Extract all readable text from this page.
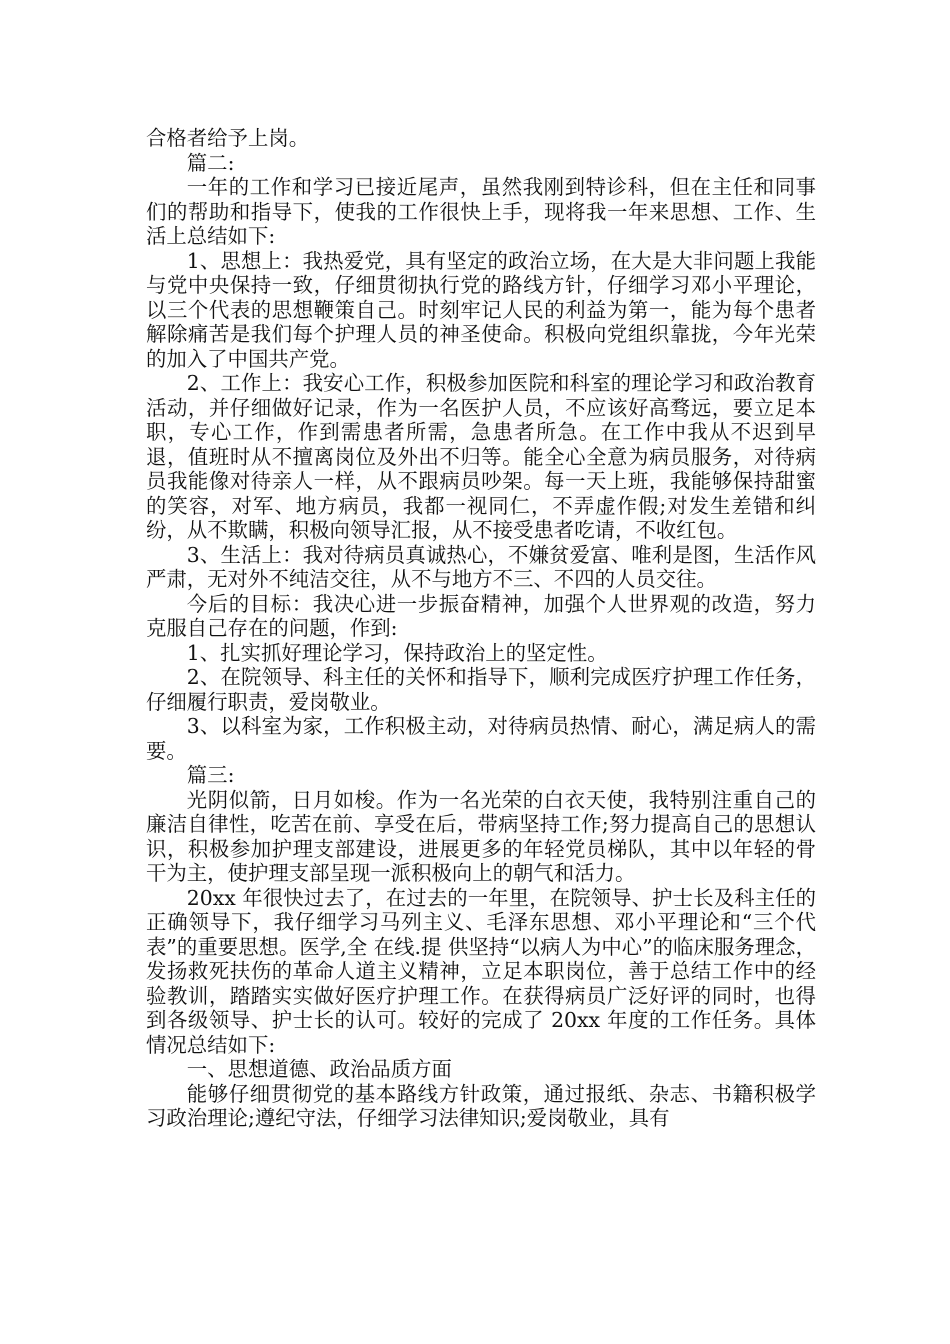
合格者给予上岗。

篇二:

一年的工作和学习已接近尾声，虽然我刚到特诊科，但在主任和同事们的帮助和指导下，使我的工作很快上手，现将我一年来思想、工作、生活上总结如下:

1、思想上：我热爱党，具有坚定的政治立场，在大是大非问题上我能与党中央保持一致，仔细贯彻执行党的路线方针，仔细学习邓小平理论，以三个代表的思想鞭策自己。时刻牢记人民的利益为第一，能为每个患者解除痛苦是我们每个护理人员的神圣使命。积极向党组织靠拢，今年光荣的加入了中国共产党。

2、工作上：我安心工作，积极参加医院和科室的理论学习和政治教育活动，并仔细做好记录，作为一名医护人员，不应该好高骛远，要立足本职，专心工作，作到需患者所需，急患者所急。在工作中我从不迟到早退，值班时从不擅离岗位及外出不归等。能全心全意为病员服务，对待病员我能像对待亲人一样，从不跟病员吵架。每一天上班，我能够保持甜蜜的笑容，对军、地方病员，我都一视同仁，不弄虚作假;对发生差错和纠纷，从不欺瞒，积极向领导汇报，从不接受患者吃请，不收红包。

3、生活上：我对待病员真诚热心，不嫌贫爱富、唯利是图，生活作风严肃，无对外不纯洁交往，从不与地方不三、不四的人员交往。

今后的目标：我决心进一步振奋精神，加强个人世界观的改造，努力克服自己存在的问题，作到:

1、扎实抓好理论学习，保持政治上的坚定性。

2、在院领导、科主任的关怀和指导下，顺利完成医疗护理工作任务，仔细履行职责，爱岗敬业。

3、以科室为家，工作积极主动，对待病员热情、耐心，满足病人的需要。

篇三:

光阴似箭，日月如梭。作为一名光荣的白衣天使，我特别注重自己的廉洁自律性，吃苦在前、享受在后，带病坚持工作;努力提高自己的思想认识，积极参加护理支部建设，进展更多的年轻党员梯队，其中以年轻的骨干为主，使护理支部呈现一派积极向上的朝气和活力。

20xx 年很快过去了，在过去的一年里，在院领导、护士长及科主任的正确领导下，我仔细学习马列主义、毛泽东思想、邓小平理论和“三个代表”的重要思想。医学,全 在线.提 供坚持“以病人为中心”的临床服务理念，发扬救死扶伤的革命人道主义精神，立足本职岗位，善于总结工作中的经验教训，踏踏实实做好医疗护理工作。在获得病员广泛好评的同时，也得到各级领导、护士长的认可。较好的完成了 20xx 年度的工作任务。具体情况总结如下:

一、思想道德、政治品质方面

能够仔细贯彻党的基本路线方针政策，通过报纸、杂志、书籍积极学习政治理论;遵纪守法，仔细学习法律知识;爱岗敬业，具有
